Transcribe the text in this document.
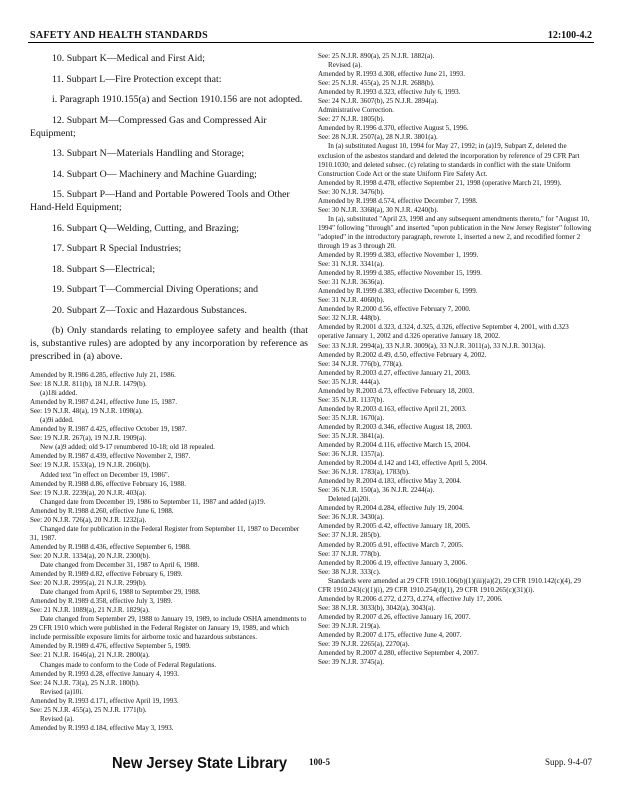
SAFETY AND HEALTH STANDARDS	12:100-4.2
10. Subpart K—Medical and First Aid;
11. Subpart L—Fire Protection except that:
i. Paragraph 1910.155(a) and Section 1910.156 are not adopted.
12. Subpart M—Compressed Gas and Compressed Air Equipment;
13. Subpart N—Materials Handling and Storage;
14. Subpart O— Machinery and Machine Guarding;
15. Subpart P—Hand and Portable Powered Tools and Other Hand-Held Equipment;
16. Subpart Q—Welding, Cutting, and Brazing;
17. Subpart R Special Industries;
18. Subpart S—Electrical;
19. Subpart T—Commercial Diving Operations; and
20. Subpart Z—Toxic and Hazardous Substances.

(b) Only standards relating to employee safety and health (that is, substantive rules) are adopted by any incorporation by reference as prescribed in (a) above.

Amended by R.1986 d.285, effective July 21, 1986.

See: 18 N.J.R. 811(b), 18 N.J.R. 1479(b).

(a)18i added.

Amended by R.1987 d.241, effective June 15, 1987.

See: 19 N.J.R. 48(a), 19 N.J.R. 1098(a).

(a)9i added.

Amended by R.1987 d.425, effective October 19, 1987.

See: 19 N.J.R. 267(a), 19 N.J.R. 1909(a).

New (a)9 added; old 9-17 renumbered 10-18; old 18 repealed.

Amended by R.1987 d.439, effective November 2, 1987.

See: 19 N.J.R. 1533(a), 19 N.J.R. 2060(b).

Added text "in effect on December 19, 1986".

Amended by R.1988 d.86, effective February 16, 1988.

See: 19 N.J.R. 2239(a), 20 N.J.R. 403(a).

Changed date from December 19, 1986 to September 11, 1987 and added (a)19.

Amended by R.1988 d.260, effective June 6, 1988.

See: 20 N.J.R. 726(a), 20 N.J.R. 1232(a).

Changed date for publication in the Federal Register from September 11, 1987 to December 31, 1987.

Amended by R.1988 d.436, effective September 6, 1988.

See: 20 N.J.R. 1334(a), 20 N.J.R. 2300(b).

Date changed from December 31, 1987 to April 6, 1988.

Amended by R.1989 d.82, effective February 6, 1989.

See: 20 N.J.R. 2995(a), 21 N.J.R. 299(b).

Date changed from April 6, 1988 to September 29, 1988.

Amended by R.1989 d.358, effective July 3, 1989.

See: 21 N.J.R. 1089(a), 21 N.J.R. 1829(a).

Date changed from September 29, 1988 to January 19, 1989, to include OSHA amendments to 29 CFR 1910 which were published in the Federal Register on January 19, 1989, and which include permissible exposure limits for airborne toxic and hazardous substances.

Amended by R.1989 d.476, effective September 5, 1989.

See: 21 N.J.R. 1646(a), 21 N.J.R. 2800(a).

Changes made to conform to the Code of Federal Regulations.

Amended by R.1993 d.28, effective January 4, 1993.

See: 24 N.J.R. 73(a), 25 N.J.R. 180(b).

Revised (a)10i.

Amended by R.1993 d.171, effective April 19, 1993.

See: 25 N.J.R. 455(a), 25 N.J.R. 1771(b).

Revised (a).

Amended by R.1993 d.184, effective May 3, 1993.

See: 25 N.J.R. 890(a), 25 N.J.R. 1882(a).

Revised (a).

Amended by R.1993 d.308, effective June 21, 1993.

See: 25 N.J.R. 455(a), 25 N.J.R. 2688(b).

Amended by R.1993 d.323, effective July 6, 1993.

See: 24 N.J.R. 3607(b), 25 N.J.R. 2894(a).

Administrative Correction.

See: 27 N.J.R. 1805(b).

Amended by R.1996 d.370, effective August 5, 1996.

See: 28 N.J.R. 2507(a), 28 N.J.R. 3801(a).

In (a) substituted August 10, 1994 for May 27, 1992; in (a)19, Subpart Z, deleted the exclusion of the asbestos standard and deleted the incorporation by reference of 29 CFR Part 1910.1030; and deleted subsec. (c) relating to standards in conflict with the state Uniform Construction Code Act or the state Uniform Fire Safety Act.

Amended by R.1998 d.478, effective September 21, 1998 (operative March 21, 1999).

See: 30 N.J.R. 3476(b).

Amended by R.1998 d.574, effective December 7, 1998.

See: 30 N.J.R. 3368(a), 30 N.J.R. 4240(b).

In (a), substituted "April 23, 1998 and any subsequent amendments thereto," for "August 10, 1994" following "through" and inserted "upon publication in the New Jersey Register" following "adopted" in the introductory paragraph, rewrote 1, inserted a new 2, and recodified former 2 through 19 as 3 through 20.

Amended by R.1999 d.383, effective November 1, 1999.

See: 31 N.J.R. 3341(a).

Amended by R.1999 d.385, effective November 15, 1999.

See: 31 N.J.R. 3636(a).

Amended by R.1999 d.383, effective December 6, 1999.

See: 31 N.J.R. 4060(b).

Amended by R.2000 d.56, effective February 7, 2000.

See: 32 N.J.R. 448(b).

Amended by R.2001 d.323, d.324, d.325, d.326, effective September 4, 2001, with d.323 operative January 1, 2002 and d.326 operative January 18, 2002.

See: 33 N.J.R. 2994(a), 33 N.J.R. 3009(a), 33 N.J.R. 3011(a), 33 N.J.R. 3013(a).

Amended by R.2002 d.49, d.50, effective February 4, 2002.

See: 34 N.J.R. 776(b), 778(a).

Amended by R.2003 d.27, effective January 21, 2003.

See: 35 N.J.R. 444(a).

Amended by R.2003 d.73, effective February 18, 2003.

See: 35 N.J.R. 1137(b).

Amended by R.2003 d.163, effective April 21, 2003.

See: 35 N.J.R. 1670(a).

Amended by R.2003 d.346, effective August 18, 2003.

See: 35 N.J.R. 3841(a).

Amended by R.2004 d.116, effective March 15, 2004.

See: 36 N.J.R. 1357(a).

Amended by R.2004 d.142 and 143, effective April 5, 2004.

See: 36 N.J.R. 1783(a), 1783(b).

Amended by R.2004 d.183, effective May 3, 2004.

See: 36 N.J.R. 150(a), 36 N.J.R. 2244(a).

Deleted (a)20i.

Amended by R.2004 d.284, effective July 19, 2004.

See: 36 N.J.R. 3430(a).

Amended by R.2005 d.42, effective January 18, 2005.

See: 37 N.J.R. 285(b).

Amended by R.2005 d.91, effective March 7, 2005.

See: 37 N.J.R. 778(b).

Amended by R.2006 d.19, effective January 3, 2006.

See: 38 N.J.R. 333(c).

Standards were amended at 29 CFR 1910.106(b)(1)(iii)(a)(2), 29 CFR 1910.142(c)(4), 29 CFR 1910.243(c)(1)(i), 29 CFR 1910.254(d)(1), 29 CFR 1910.265(c)(31)(i).

Amended by R.2006 d.272, d.273, d.274, effective July 17, 2006.

See: 38 N.J.R. 3033(b), 3042(a), 3043(a).

Amended by R.2007 d.26, effective January 16, 2007.

See: 39 N.J.R. 219(a).

Amended by R.2007 d.175, effective June 4, 2007.

See: 39 N.J.R. 2265(a), 2270(a).

Amended by R.2007 d.280, effective September 4, 2007.

See: 39 N.J.R. 3745(a).

New Jersey State Library 100-5	Supp. 9-4-07
